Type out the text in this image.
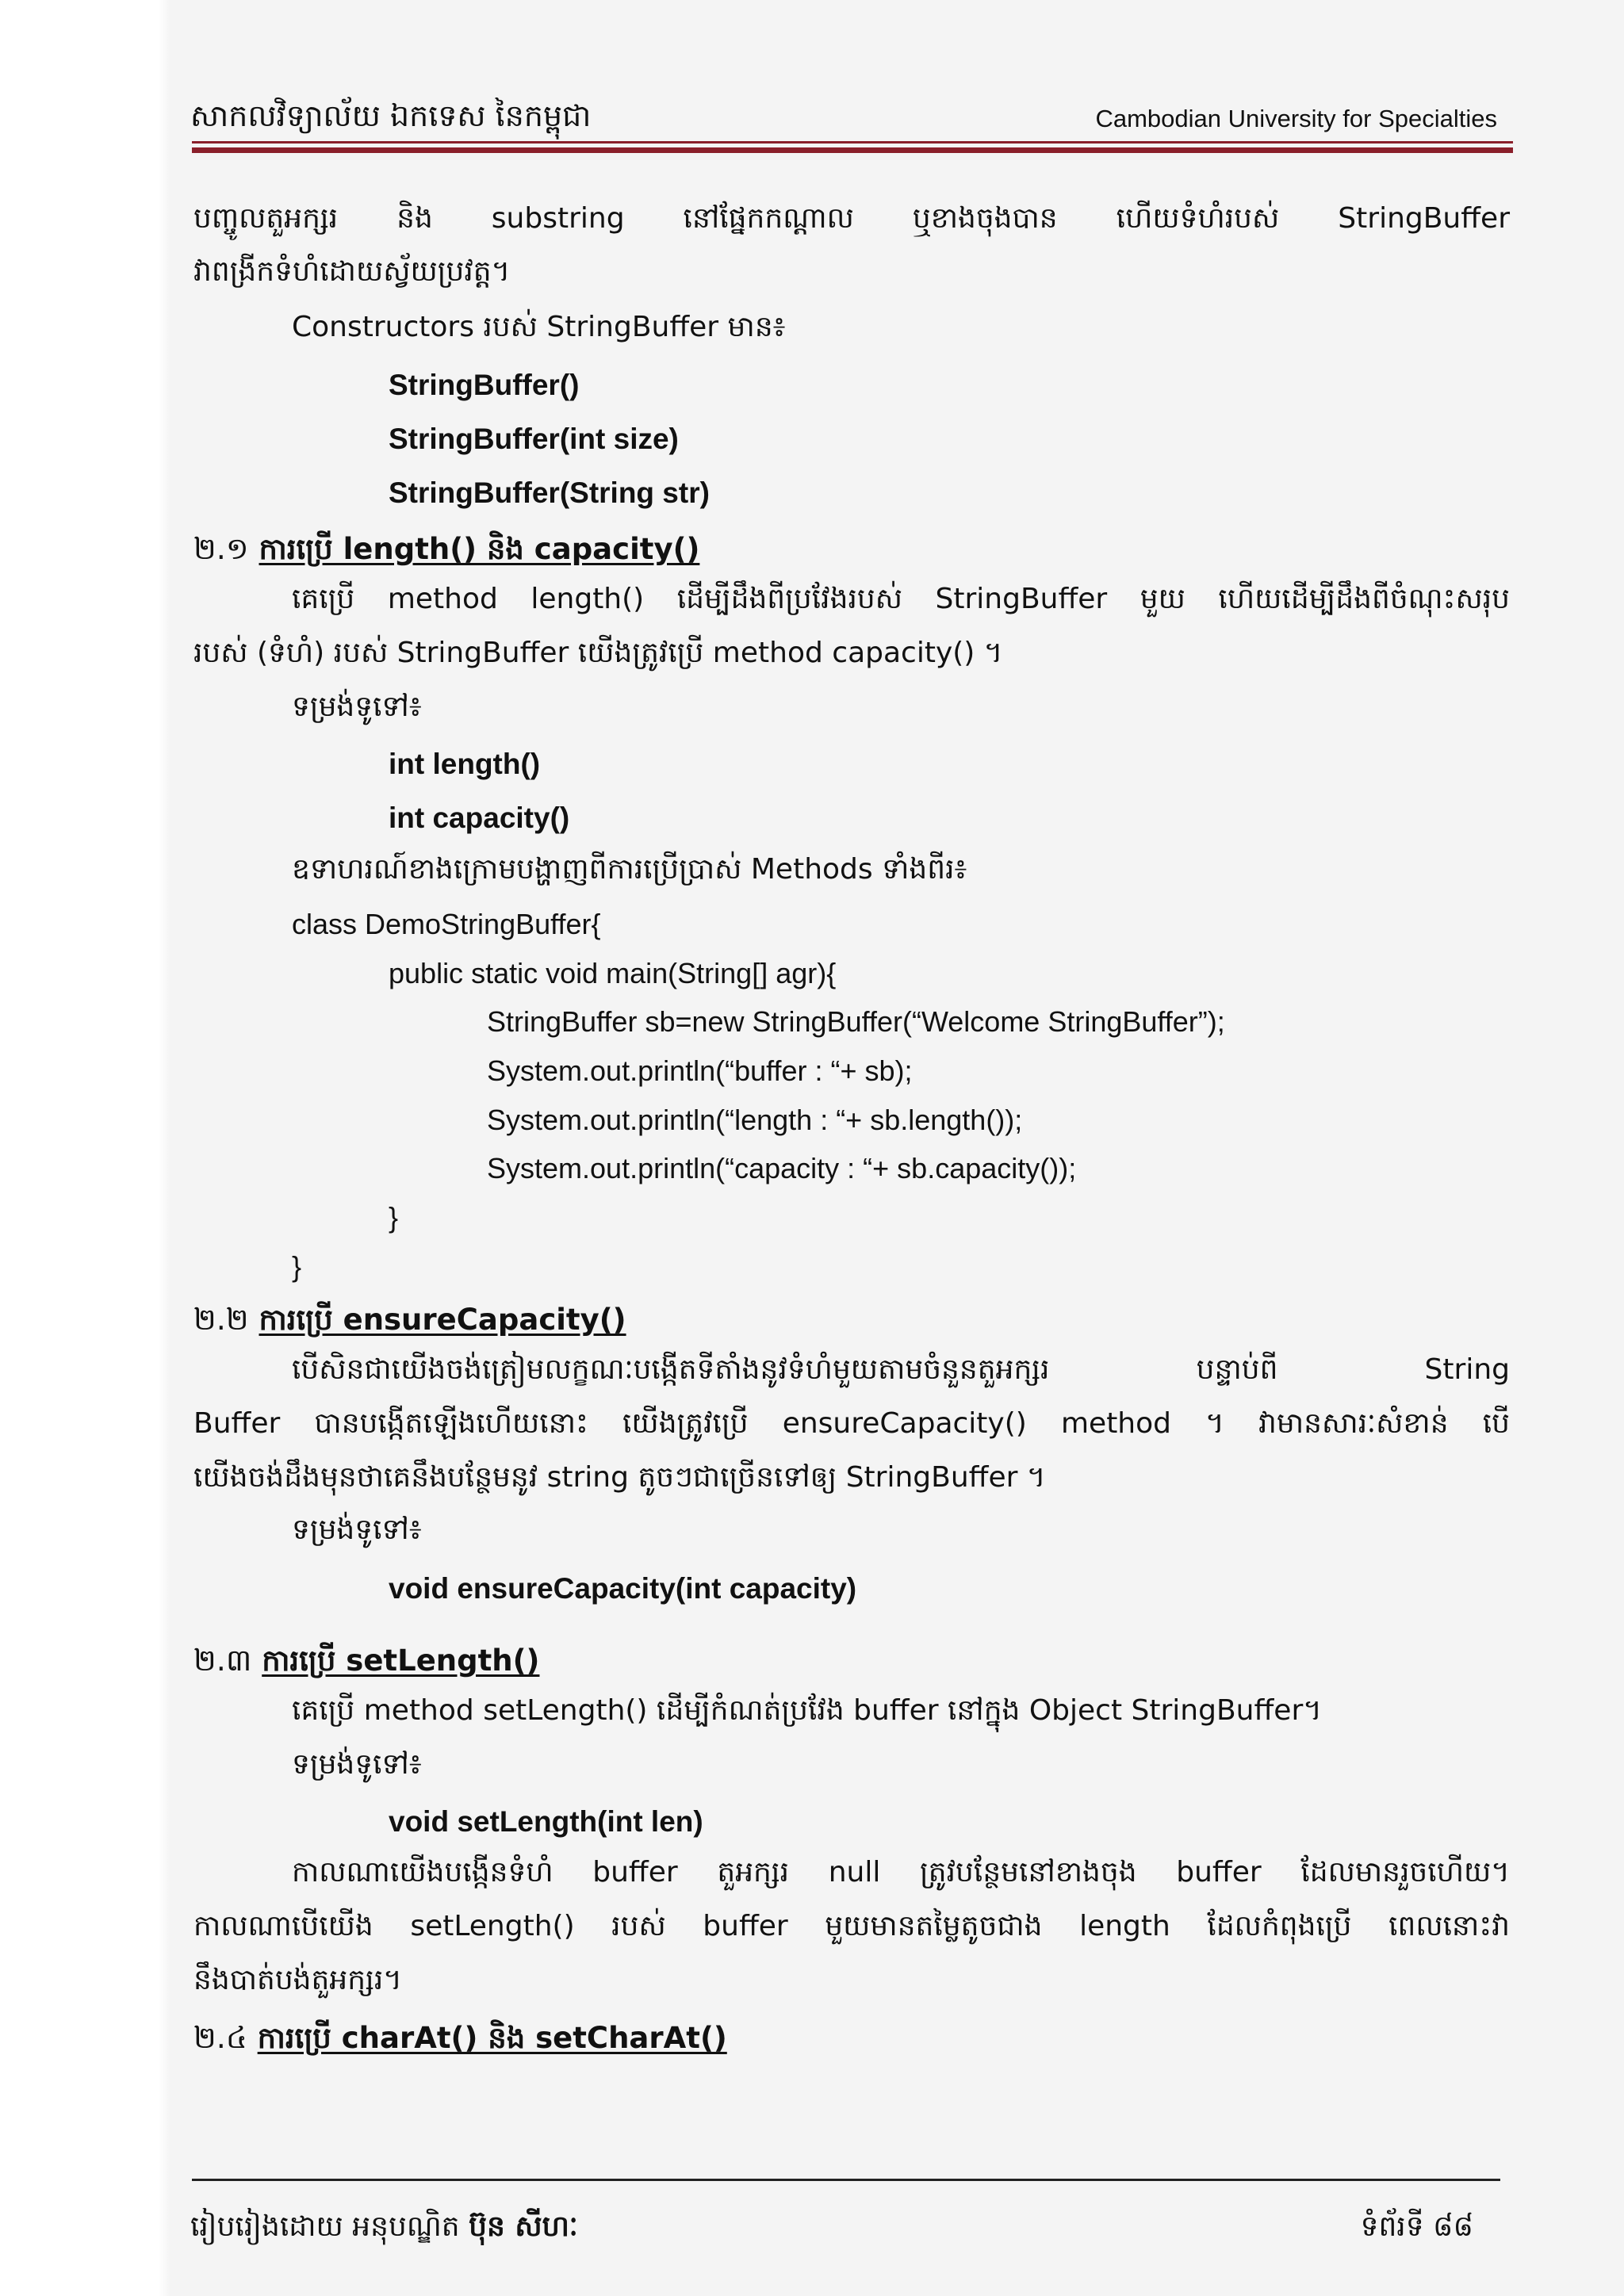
សាកលវិទ្យាល័យ ឯកទេស នៃកម្ពុជា	Cambodian University for Specialties
បញ្ចូលតួអក្សរ និង substring នៅផ្នែកកណ្តាល ឬខាងចុងបាន ហើយទំហំរបស់ StringBuffer
វាពង្រីកទំហំដោយស្វ័យប្រវត្ត។
Constructors របស់ StringBuffer មាន៖
StringBuffer()
StringBuffer(int size)
StringBuffer(String str)
២.១ ការប្រើ length() និង capacity()
គេប្រើ method length() ដើម្បីដឹងពីប្រវែងរបស់ StringBuffer មួយ ហើយដើម្បីដឹងពីចំណុះសរុប
របស់ (ទំហំ) របស់ StringBuffer យើងត្រូវប្រើ method capacity() ។
ទម្រង់ទូទៅ៖
int length()
int capacity()
ឧទាហរណ៍ខាងក្រោមបង្ហាញពីការប្រើប្រាស់ Methods ទាំងពីរ៖
class DemoStringBuffer{
public static void main(String[] agr){
StringBuffer sb=new StringBuffer(“Welcome StringBuffer”);
System.out.println(“buffer : “+ sb);
System.out.println(“length : “+ sb.length());
System.out.println(“capacity : “+ sb.capacity());
}
}
២.២ ការប្រើ ensureCapacity()
បើសិនជាយើងចង់ត្រៀមលក្ខណៈបង្កើតទីតាំងនូវទំហំមួយតាមចំនួនតួអក្សរ បន្ទាប់ពី String
Buffer បានបង្កើតឡើងហើយនោះ យើងត្រូវប្រើ ensureCapacity() method ។ វាមានសារៈសំខាន់ បើ
យើងចង់ដឹងមុនថាគេនឹងបន្ថែមនូវ string តូចៗជាច្រើនទៅឲ្យ StringBuffer ។
ទម្រង់ទូទៅ៖
void ensureCapacity(int capacity)
២.៣ ការប្រើ setLength()
គេប្រើ method setLength() ដើម្បីកំណត់ប្រវែង buffer នៅក្នុង Object StringBuffer។
ទម្រង់ទូទៅ៖
void setLength(int len)
កាលណាយើងបង្កើនទំហំ buffer តួអក្សរ null ត្រូវបន្ថែមនៅខាងចុង buffer ដែលមានរួចហើយ។
កាលណាបើយើង setLength() របស់ buffer មួយមានតម្លៃតូចជាង length ដែលកំពុងប្រើ ពេលនោះវា
នឹងបាត់បង់តួអក្សរ។
២.៤ ការប្រើ charAt() និង setCharAt()
រៀបរៀងដោយ អនុបណ្ឌិត ប៊ុន សីហៈ	ទំព័រទី ៨៨
